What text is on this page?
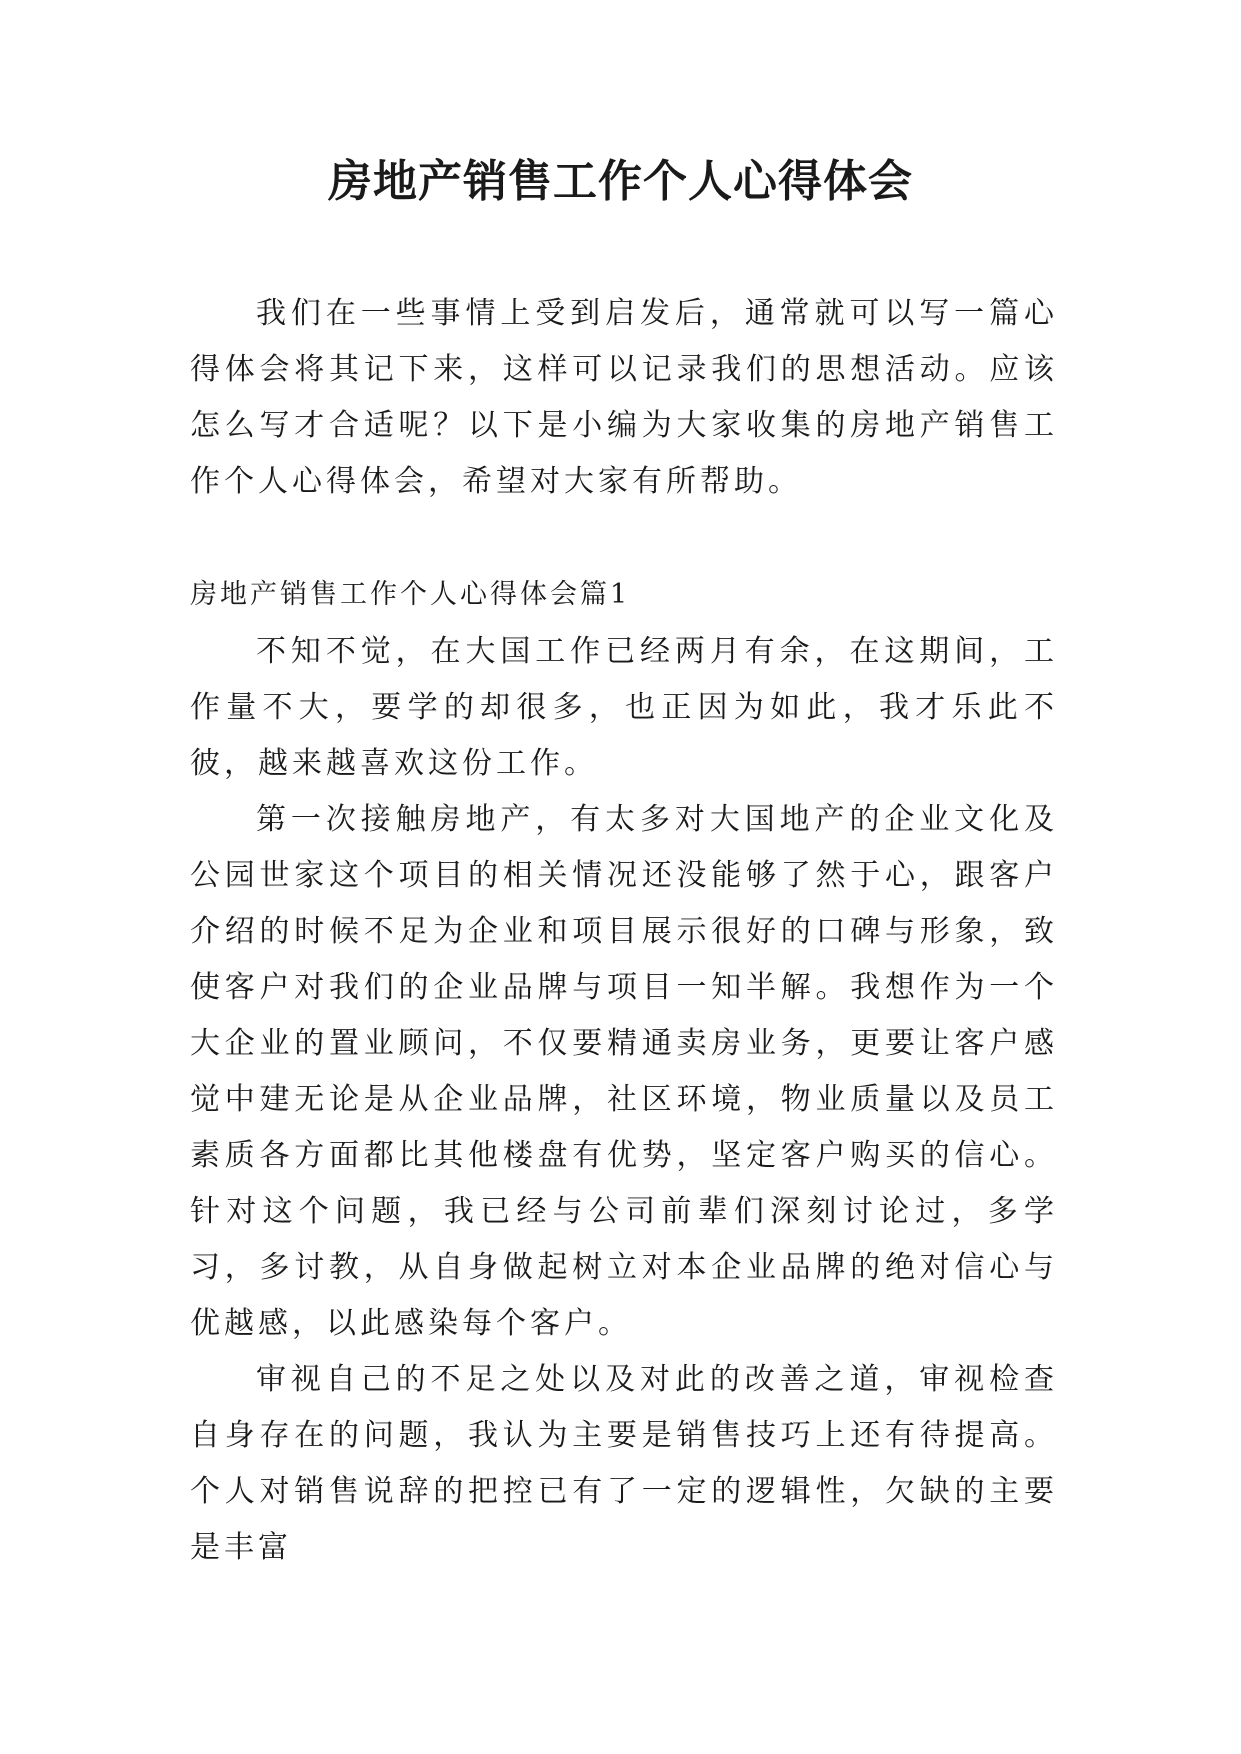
房地产销售工作个人心得体会

我们在一些事情上受到启发后，通常就可以写一篇心得体会将其记下来，这样可以记录我们的思想活动。应该怎么写才合适呢？以下是小编为大家收集的房地产销售工作个人心得体会，希望对大家有所帮助。

房地产销售工作个人心得体会篇1

不知不觉，在大国工作已经两月有余，在这期间，工作量不大，要学的却很多，也正因为如此，我才乐此不彼，越来越喜欢这份工作。

第一次接触房地产，有太多对大国地产的企业文化及公园世家这个项目的相关情况还没能够了然于心，跟客户介绍的时候不足为企业和项目展示很好的口碑与形象，致使客户对我们的企业品牌与项目一知半解。我想作为一个大企业的置业顾问，不仅要精通卖房业务，更要让客户感觉中建无论是从企业品牌，社区环境，物业质量以及员工素质各方面都比其他楼盘有优势，坚定客户购买的信心。针对这个问题，我已经与公司前辈们深刻讨论过，多学习，多讨教，从自身做起树立对本企业品牌的绝对信心与优越感，以此感染每个客户。

审视自己的不足之处以及对此的改善之道，审视检查自身存在的问题，我认为主要是销售技巧上还有待提高。个人对销售说辞的把控已有了一定的逻辑性，欠缺的主要是丰富
